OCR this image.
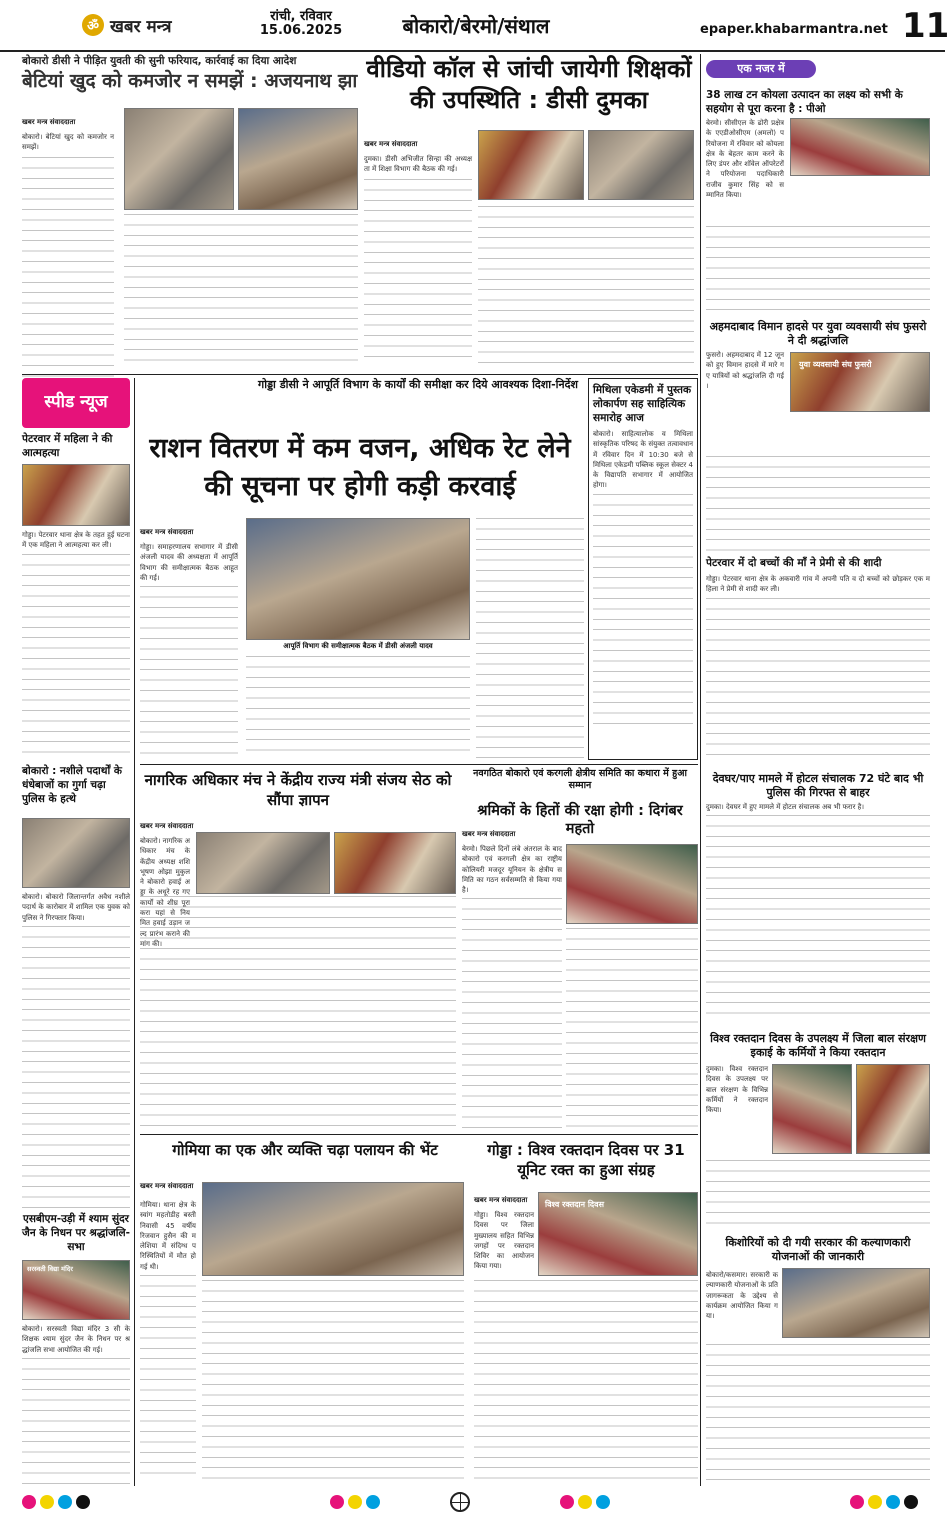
ॐ खबर मन्त्र	रांची, रविवार
15.06.2025	बोकारो/बेरमो/संथाल	epaper.khabarmantra.net 11
बोकारो डीसी ने पीड़ित युवती की सुनी फरियाद, कार्रवाई का दिया आदेश
बेटियां खुद को कमजोर न समझें : अजयनाथ झा
खबर मन्त्र संवाददाता
बोकारो। बेटियां खुद को कमजोर न समझें।
वीडियो कॉल से जांची जायेगी शिक्षकों की उपस्थिति : डीसी दुमका
खबर मन्त्र संवाददाता
दुमका। डीसी अभिजीत सिन्हा की अध्यक्षता में शिक्षा विभाग की बैठक की गई।
एक नजर में
38 लाख टन कोयला उत्पादन का लक्ष्य को सभी के सहयोग से पूरा करना है : पीओ
बेरमो। सीसीएल के ढोरी प्रक्षेत्र के एएडीओसीएम (अमलो) परियोजना में रविवार को कोयला क्षेत्र के बेहतर काम करने के लिए डंपर और शॉवेल ऑपरेटरों ने परियोजना पदाधिकारी राजीव कुमार सिंह को सम्मानित किया।
अहमदाबाद विमान हादसे पर युवा व्यवसायी संघ फुसरो ने दी श्रद्धांजलि
फुसरो। अहमदाबाद में 12 जून को हुए विमान हादसे में मारे गए यात्रियों को श्रद्धांजलि दी गई।
युवा व्यवसायी संघ फुसरो
पेटरवार में दो बच्चों की माँ ने प्रेमी से की शादी
गोड्डा। पेटरवार थाना क्षेत्र के अकवारी गांव में अपनी पति व दो बच्चों को छोड़कर एक महिला ने प्रेमी से शादी कर ली।
देवघर/पाए मामले में होटल संचालक 72 घंटे बाद भी पुलिस की गिरफ्त से बाहर
दुमका। देवघर में हुए मामले में होटल संचालक अब भी फरार है।
विश्व रक्तदान दिवस के उपलक्ष्य में जिला बाल संरक्षण इकाई के कर्मियों ने किया रक्तदान
दुमका। विश्व रक्तदान दिवस के उपलक्ष्य पर बाल संरक्षण के विभिन्न कर्मियों ने रक्तदान किया।
किशोरियों को दी गयी सरकार की कल्याणकारी योजनाओं की जानकारी
बोकारो/कसमार। सरकारी कल्याणकारी योजनाओं के प्रति जागरूकता के उद्देश्य से कार्यक्रम आयोजित किया गया।
स्पीड न्यूज
पेटरवार में महिला ने की आत्महत्या
गोड्डा। पेटरवार थाना क्षेत्र के तहत हुई घटना में एक महिला ने आत्महत्या कर ली।
बोकारो : नशीले पदार्थों के धंधेबाजों का गुर्गा चढ़ा पुलिस के हत्थे
बोकारो। बोकारो जिलान्तर्गत अवैध नशीले पदार्थ के कारोबार में शामिल एक युवक को पुलिस ने गिरफ्तार किया।
एसबीएम-उड़ी में श्याम सुंदर जैन के निधन पर श्रद्धांजलि-सभा
सरस्वती विद्या मंदिर
बोकारो। सरस्वती विद्या मंदिर 3 सी के शिक्षक श्याम सुंदर जैन के निधन पर श्रद्धांजलि सभा आयोजित की गई।
गोड्डा डीसी ने आपूर्ति विभाग के कार्यों की समीक्षा कर दिये आवश्यक दिशा-निर्देश
राशन वितरण में कम वजन, अधिक रेट लेने की सूचना पर होगी कड़ी करवाई
खबर मन्त्र संवाददाता
गोड्डा। समाहरणालय सभागार में डीसी अंजली यादव की अध्यक्षता में आपूर्ति विभाग की समीक्षात्मक बैठक आहूत की गई।
आपूर्ति विभाग की समीक्षात्मक बैठक में डीसी अंजली यादव
मिथिला एकेडमी में पुस्तक लोकार्पण सह साहित्यिक समारोह आज
बोकारो। साहित्यालोक व मिथिला सांस्कृतिक परिषद के संयुक्त तत्वावधान में रविवार दिन में 10:30 बजे से मिथिला एकेडमी पब्लिक स्कूल सेक्टर 4 के विद्यापति सभागार में आयोजित होगा।
नागरिक अधिकार मंच ने केंद्रीय राज्य मंत्री संजय सेठ को सौंपा ज्ञापन
खबर मन्त्र संवाददाता
बोकारो। नागरिक अधिकार मंच के केंद्रीय अध्यक्ष शशि भूषण ओझा मुकुल ने बोकारो हवाई अड्डा के अधूरे रह गए कार्यों को शीघ्र पूरा करा यहां से नियमित हवाई उड़ान जल्द प्रारंभ कराने की मांग की।
नवगठित बोकारो एवं करगली क्षेत्रीय समिति का कथारा में हुआ सम्मान
श्रमिकों के हितों की रक्षा होगी : दिगंबर महतो
खबर मन्त्र संवाददाता
बेरमो। पिछले दिनों लंबे अंतराल के बाद बोकारो एवं करगली क्षेत्र का राष्ट्रीय कोलियरी मजदूर यूनियन के क्षेत्रीय समिति का गठन सर्वसम्मति से किया गया है।
गोमिया का एक और व्यक्ति चढ़ा पलायन की भेंट
खबर मन्त्र संवाददाता
गोमिया। थाना क्षेत्र के स्वांग महतोडीह बस्ती निवासी 45 वर्षीय रिजवान हुसैन की मलेशिया में संदिग्ध परिस्थितियों में मौत हो गई थी।
गोड्डा : विश्व रक्तदान दिवस पर 31 यूनिट रक्त का हुआ संग्रह
खबर मन्त्र संवाददाता
गोड्डा। विश्व रक्तदान दिवस पर जिला मुख्यालय सहित विभिन्न जगहों पर रक्तदान शिविर का आयोजन किया गया।
विश्व रक्तदान दिवस
